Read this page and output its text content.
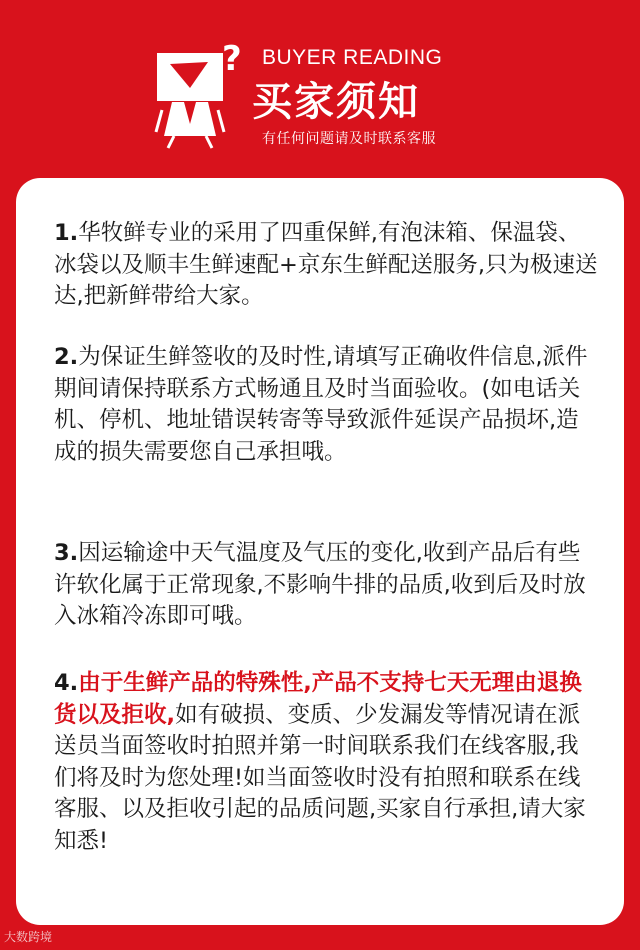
? BUYER READING
买家须知
有任何问题请及时联系客服
1.华牧鲜专业的采用了四重保鲜,有泡沫箱、保温袋、冰袋以及顺丰生鲜速配+京东生鲜配送服务,只为极速送达,把新鲜带给大家。
2.为保证生鲜签收的及时性,请填写正确收件信息,派件期间请保持联系方式畅通且及时当面验收。(如电话关机、停机、地址错误转寄等导致派件延误产品损坏,造成的损失需要您自己承担哦。
3.因运输途中天气温度及气压的变化,收到产品后有些许软化属于正常现象,不影响牛排的品质,收到后及时放入冰箱冷冻即可哦。
4.由于生鲜产品的特殊性,产品不支持七天无理由退换货以及拒收,如有破损、变质、少发漏发等情况请在派送员当面签收时拍照并第一时间联系我们在线客服,我们将及时为您处理!如当面签收时没有拍照和联系在线客服、以及拒收引起的品质问题,买家自行承担,请大家知悉!
大数跨境
